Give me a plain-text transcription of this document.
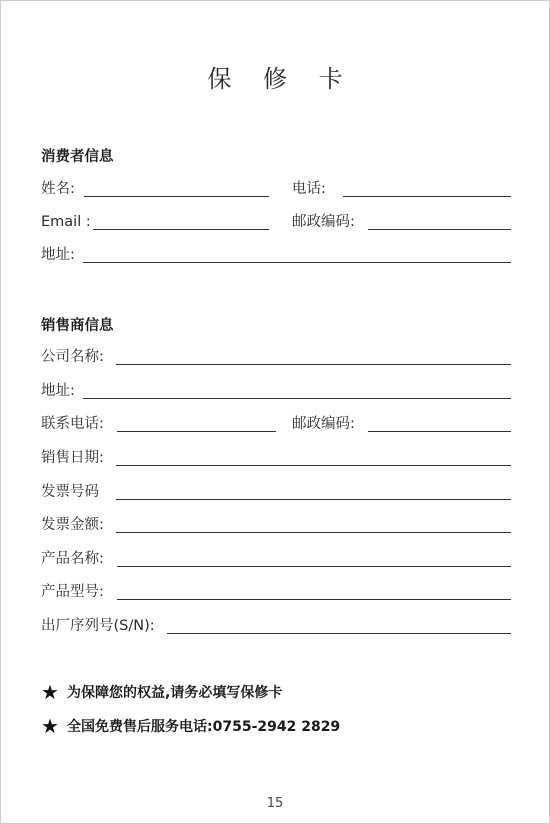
保 修 卡
消费者信息
姓名:	电话:
Email :	邮政编码:
地址:
销售商信息
公司名称:
地址:
联系电话:	邮政编码:
销售日期:
发票号码
发票金额:
产品名称:
产品型号:
出厂序列号(S/N):
★ 为保障您的权益,请务必填写保修卡
★ 全国免费售后服务电话:0755-2942 2829
15
